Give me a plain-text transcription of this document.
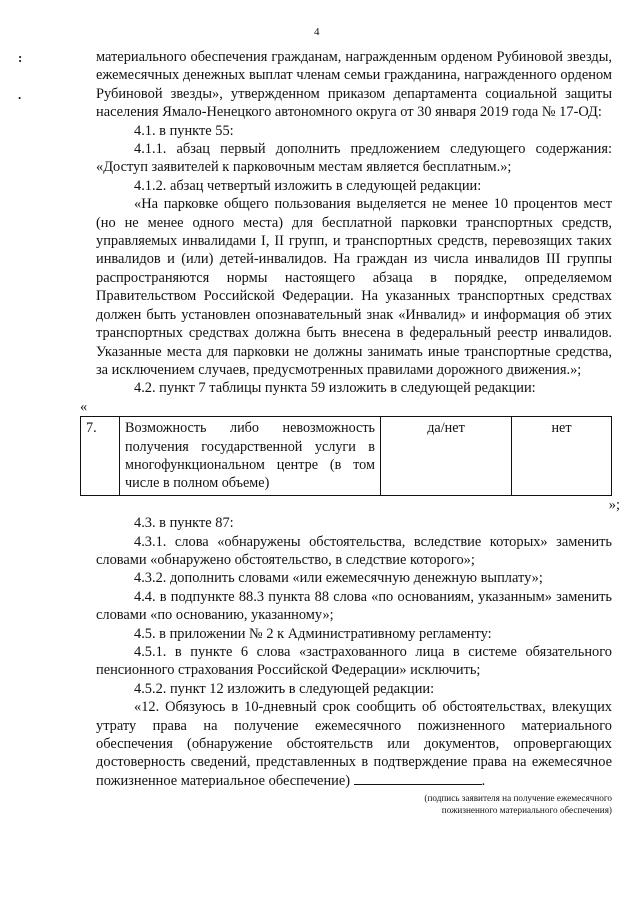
4
:
.

материального обеспечения гражданам, награжденным орденом Рубиновой звезды, ежемесячных денежных выплат членам семьи гражданина, награжденного орденом Рубиновой звезды», утвержденном приказом департамента социальной защиты населения Ямало-Ненецкого автономного округа от 30 января 2019 года № 17-ОД:

4.1. в пункте 55:

4.1.1. абзац первый дополнить предложением следующего содержания: «Доступ заявителей к парковочным местам является бесплатным.»;

4.1.2. абзац четвертый изложить в следующей редакции:

«На парковке общего пользования выделяется не менее 10 процентов мест (но не менее одного места) для бесплатной парковки транспортных средств, управляемых инвалидами I, II групп, и транспортных средств, перевозящих таких инвалидов и (или) детей-инвалидов. На граждан из числа инвалидов III группы распространяются нормы настоящего абзаца в порядке, определяемом Правительством Российской Федерации. На указанных транспортных средствах должен быть установлен опознавательный знак «Инвалид» и информация об этих транспортных средствах должна быть внесена в федеральный реестр инвалидов. Указанные места для парковки не должны занимать иные транспортные средства, за исключением случаев, предусмотренных правилами дорожного движения.»;

4.2. пункт 7 таблицы пункта 59 изложить в следующей редакции:

«

7.	Возможность либо невозможность получения государственной услуги в многофункциональном центре (в том числе в полном объеме)	да/нет	нет

»;

4.3. в пункте 87:

4.3.1. слова «обнаружены обстоятельства, вследствие которых» заменить словами «обнаружено обстоятельство, в следствие которого»;

4.3.2. дополнить словами «или ежемесячную денежную выплату»;

4.4. в подпункте 88.3 пункта 88 слова «по основаниям, указанным» заменить словами «по основанию, указанному»;

4.5. в приложении № 2 к Административному регламенту:

4.5.1. в пункте 6 слова «застрахованного лица в системе обязательного пенсионного страхования Российской Федерации» исключить;

4.5.2. пункт 12 изложить в следующей редакции:

«12. Обязуюсь в 10-дневный срок сообщить об обстоятельствах, влекущих утрату права на получение ежемесячного пожизненного материального обеспечения (обнаружение обстоятельств или документов, опровергающих достоверность сведений, представленных в подтверждение права на ежемесячное пожизненное материальное обеспечение)	.

(подпись заявителя на получение ежемесячного
пожизненного материального обеспечения)
